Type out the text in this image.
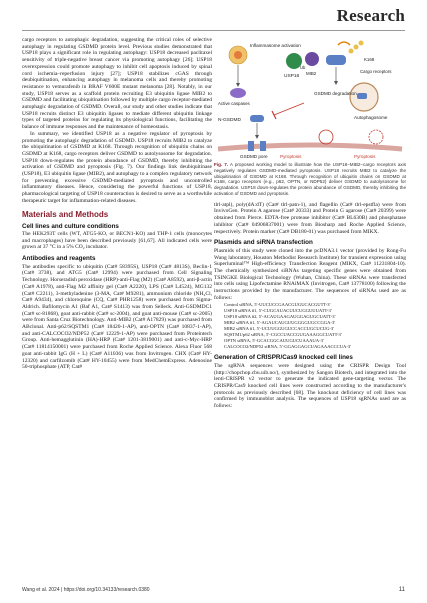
Research

cargo receptors to autophagic degradation, suggesting the critical roles of selective autophagy in regulating GSDMD protein level. Previous studies demonstrated that USP18 plays a significant role in regulating autophagy: USP18 decreased paclitaxel sensitivity of triple-negative breast cancer via promoting autophagy [26]; USP18 overexpression could promote autophagy to inhibit cell apoptosis induced by spinal cord ischemia–reperfusion injury [27]; USP18 stabilizes cGAS through deubiquitination, enhancing autophagy in melanoma cells and thereby promoting resistance to vemurafenib in BRAF V600E mutant melanoma [28]. Notably, in our study, USP18 serves as a scaffold protein recruiting E3 ubiquitin ligase MIB2 to GSDMD and facilitating ubiquitination followed by multiple cargo receptor-mediated autophagic degradation of GSDMD. Overall, our study and other studies indicate that USP18 recruits distinct E3 ubiquitin ligases to mediate different ubiquitin linkage types of targeted proteins for regulating its physiological functions, facilitating the balance of immune responses and the maintenance of homeostasis.

In summary, we identified USP18 as a negative regulator of pyroptosis by promoting the autophagic degradation of GSDMD. USP18 recruits MIB2 to catalyze the ubiquitination of GSDMD at K168. Through recognition of ubiquitin chains on GSDMD at K168, cargo receptors deliver GSDMD to autolysosome for degradation. USP18 down-regulates the protein abundance of GSDMD, thereby inhibiting the activation of GSDMD and pyroptosis (Fig. 7). Our findings link deubiquitinase (USP18), E3 ubiquitin ligase (MIB2), and autophagy to a complex regulatory network for preventing excessive GSDMD-mediated pyroptosis and uncontrolled inflammatory diseases. Hence, considering the powerful functions of USP18, pharmacological targeting of USP18 counteraction is desired to serve as a worthwhile therapeutic target for inflammation-related diseases.

Materials and Methods
Cell lines and culture conditions

The HEK293T cells (WT, ATG5-KO, or BECN1-KO) and THP-1 cells (monocytes and macrophages) have been described previously [61,67]. All indicated cells were grown at 37 °C in a 5% CO₂ incubator.

Antibodies and reagents

The antibodies specific to ubiquitin (Cat# 58395S), USP18 (Cat# 4813S), Beclin-1 (Cat# 3738), and ATG5 (Cat# 12994) were purchased from Cell Signaling Technology. Horseradish peroxidase (HRP)-anti-Flag (M2) (Cat# A8592), anti-β-actin (Cat# A1978), anti-Flag M2 affinity gel (Cat# A2220), LPS (Cat# L4524), MG132 (Cat# C2211), 3-methyladenine (3-MA, Cat# M9281), ammonium chloride (NH₄Cl, Cat# A9434), and chloroquine (CQ, Cat# PHR1258) were purchased from Sigma-Aldrich. Bafilomycin A1 (Baf A1, Cat# S1413) was from Selleck. Anti-GSDMDC1 (Cat# sc-81868), goat anti-rabbit (Cat# sc-2004), and goat anti-mouse (Cat# sc-2005) were from Santa Cruz Biotechnology. Anti-MIB2 (Cat# A17829) was purchased from ABclonal. Anti-p62/SQSTM1 (Cat# 18420-1-AP), anti-OPTN (Cat# 10837-1-AP), and anti-CALCOCO2/NDP52 (Cat# 12229-1-AP) were purchased from Proteintech Group. Anti-hemagglutinin (HA)-HRP (Cat# 1201-3819001) and anti-c-Myc-HRP (Cat# 11814150001) were purchased from Roche Applied Science. Alexa Fluor 568 goat anti-rabbit IgG (H + L) (Cat# A11036) was from Invitrogen. CHX (Cat# HY-12320) and carfilzomib (Cat# HY-10455) were from MedChemExpress. Adenosine 50-triphosphate (ATP, Cat#

Inflammasome activation
Active caspases
USP18
MIB2
Ub
K168
Cargo receptors
Autophagosome
GSDMD degradation
N-GSDMD
GSDMD pore	Pyroptosis	Pyroptosis
Fig. 7. A proposed working model to illustrate how the USP18–MIB2–cargo receptors axis negatively regulates GSDMD-mediated pyroptosis. USP18 recruits MIB2 to catalyze the ubiquitination of GSDMD at K168. Through recognition of ubiquitin chains on GSDMD at K168, cargo receptors (e.g., p62, OPTN, or NDP52) deliver GSDMD to autolysosome for degradation. USP18 down-regulates the protein abundance of GSDMD, thereby inhibiting the activation of GSDMD and pyroptosis.

tlrl-atpl), poly(dA:dT) (Cat# tlrl-patn-1), and flagellin (Cat# tlrl-epstfla) were from InvivoGen. Protein A agarose (Cat# 20333) and Protein G agarose (Cat# 20399) were obtained from Pierce. EDTA-free protease inhibitor (Cat# BL630B) and phosphatase inhibitor (Cat# 04906837001) were from Biosharp and Roche Applied Science, respectively. Protein marker (Cat# DB180-01) was purchased from MIKX.

Plasmids and siRNA transfection

Plasmids of this study were cloned into the pcDNA3.1 vector (provided by Rong-Fu Wang laboratory, Houston Methodist Research Institute) for transient expression using Superluminal™ High-efficiency Transfection Reagent (MIKX, Cat# 11231804-10). The chemically synthesized siRNAs targeting specific genes were obtained from TSINGKE Biological Technology (Wuhan, China). These siRNAs were transfected into cells using Lipofectamine RNAiMAX (Invitrogen, Cat# 13778100) following the instructions provided by the manufacturer. The sequences of siRNAs used are as follows:

Control siRNA, 5′-UUCUCCGAACGUGUCACGUTT-3′
USP18 siRNA #1, 5′-CUGCAUACUUCUGGUUUATT-3′
USP18 siRNA #2, 5′-ACAUGAAGAUGGAGUGCUATT-3′
MIB2 siRNA #1, 5′-AGAUCAUGUUGGGGUGCCGGA-3′
MIB2 siRNA #1, 5′-UCUUGGUGUCCACCUGCUCUG-3′
SQSTM1/p62 siRNA, 5′-CGCCUACCGUGAAAGGCUATT-3′
OPTN siRNA, 5′-GCACGGCAUUGUCUAAAUA-3′
CALCOCO2/NDP52 siRNA, 5′-GGAGGAGCUAGAAACCCUA-3′
Generation of CRISPR/Cas9 knocked cell lines

The sgRNA sequences were designed using the CRISPR Design Tool (http://chopchop.cbu.uib.no/), synthesized by Sangon Biotech, and integrated into the lenti-CRISPR v2 vector to generate the indicated gene-targeting vector. The CRISPR/Cas9 knocked cell lines were constructed according to the manufacturer's protocols as previously described [68]. The knockout deficiency of cell lines was confirmed by immunoblot analysis. The sequences of USP18 sgRNAs used are as follows:

Wang et al. 2024 | https://doi.org/10.34133/research.0380	11
